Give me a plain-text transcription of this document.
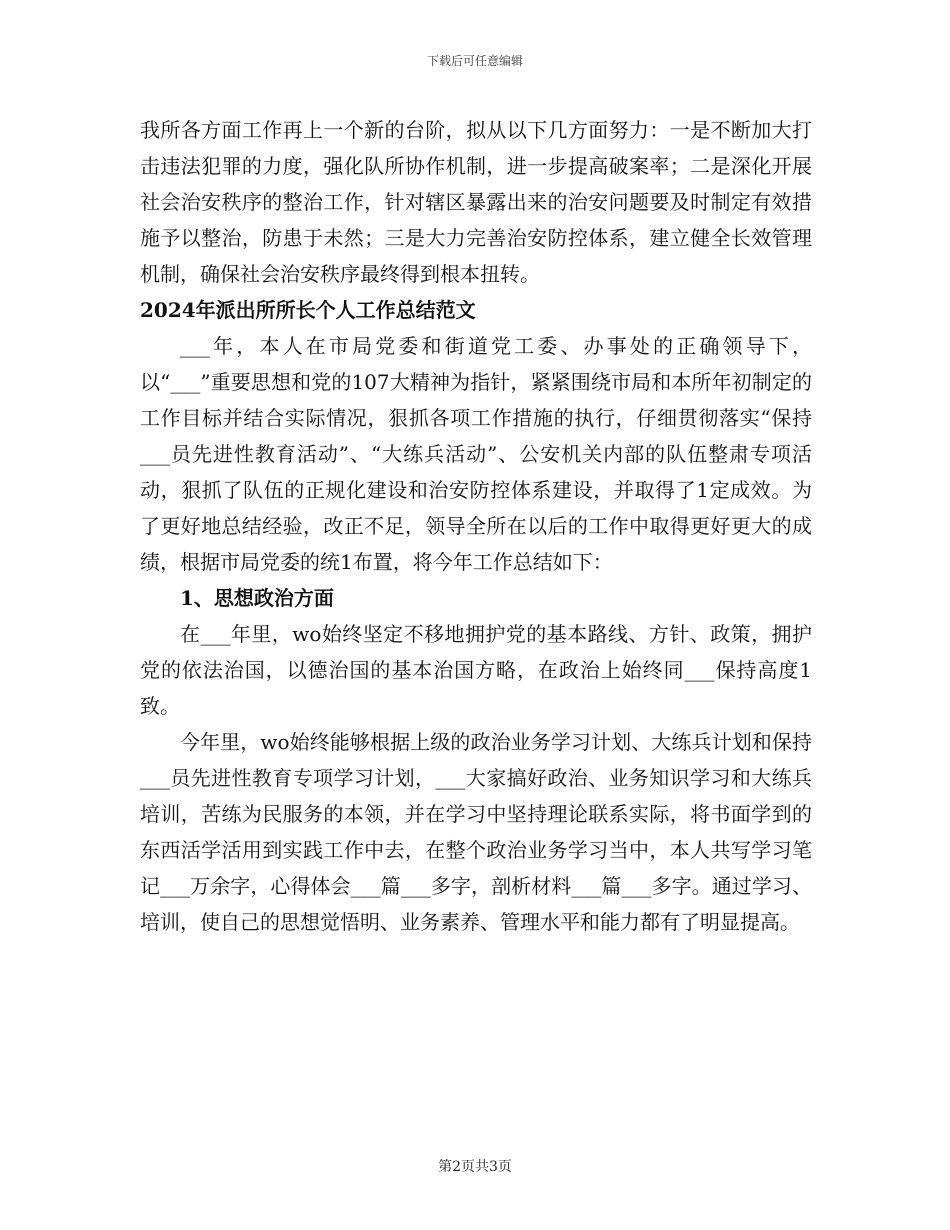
下载后可任意编辑

我所各方面工作再上一个新的台阶，拟从以下几方面努力：一是不断加大打击违法犯罪的力度，强化队所协作机制，进一步提高破案率；二是深化开展社会治安秩序的整治工作，针对辖区暴露出来的治安问题要及时制定有效措施予以整治，防患于未然；三是大力完善治安防控体系，建立健全长效管理机制，确保社会治安秩序最终得到根本扭转。

2024年派出所所长个人工作总结范文

___年，本人在市局党委和街道党工委、办事处的正确领导下，以“___”重要思想和党的107大精神为指针，紧紧围绕市局和本所年初制定的工作目标并结合实际情况，狠抓各项工作措施的执行，仔细贯彻落实“保持___员先进性教育活动”、“大练兵活动”、公安机关内部的队伍整肃专项活动，狠抓了队伍的正规化建设和治安防控体系建设，并取得了1定成效。为了更好地总结经验，改正不足，领导全所在以后的工作中取得更好更大的成绩，根据市局党委的统1布置，将今年工作总结如下：

1、思想政治方面

在___年里，wo始终坚定不移地拥护党的基本路线、方针、政策，拥护党的依法治国，以德治国的基本治国方略，在政治上始终同___保持高度1致。

今年里，wo始终能够根据上级的政治业务学习计划、大练兵计划和保持___员先进性教育专项学习计划，___大家搞好政治、业务知识学习和大练兵培训，苦练为民服务的本领，并在学习中坚持理论联系实际，将书面学到的东西活学活用到实践工作中去，在整个政治业务学习当中，本人共写学习笔记___万余字，心得体会___篇___多字，剖析材料___篇___多字。通过学习、培训，使自己的思想觉悟明、业务素养、管理水平和能力都有了明显提高。

第2页共3页
